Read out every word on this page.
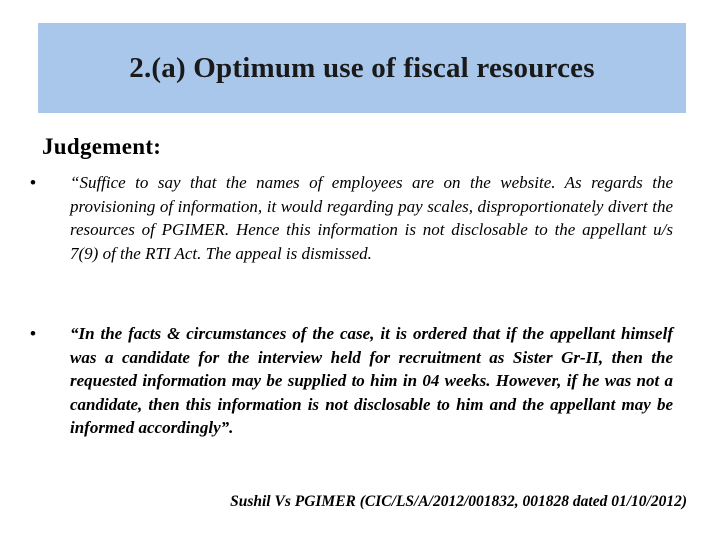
2.(a) Optimum use of fiscal resources
Judgement:
• “Suffice to say that the names of employees are on the website. As regards the provisioning of information, it would regarding pay scales, disproportionately divert the resources of PGIMER. Hence this information is not disclosable to the appellant u/s 7(9) of the RTI Act. The appeal is dismissed.
• “In the facts & circumstances of the case, it is ordered that if the appellant himself was a candidate for the interview held for recruitment as Sister Gr-II, then the requested information may be supplied to him in 04 weeks. However, if he was not a candidate, then this information is not disclosable to him and the appellant may be informed accordingly”.
Sushil Vs PGIMER (CIC/LS/A/2012/001832, 001828 dated 01/10/2012)
